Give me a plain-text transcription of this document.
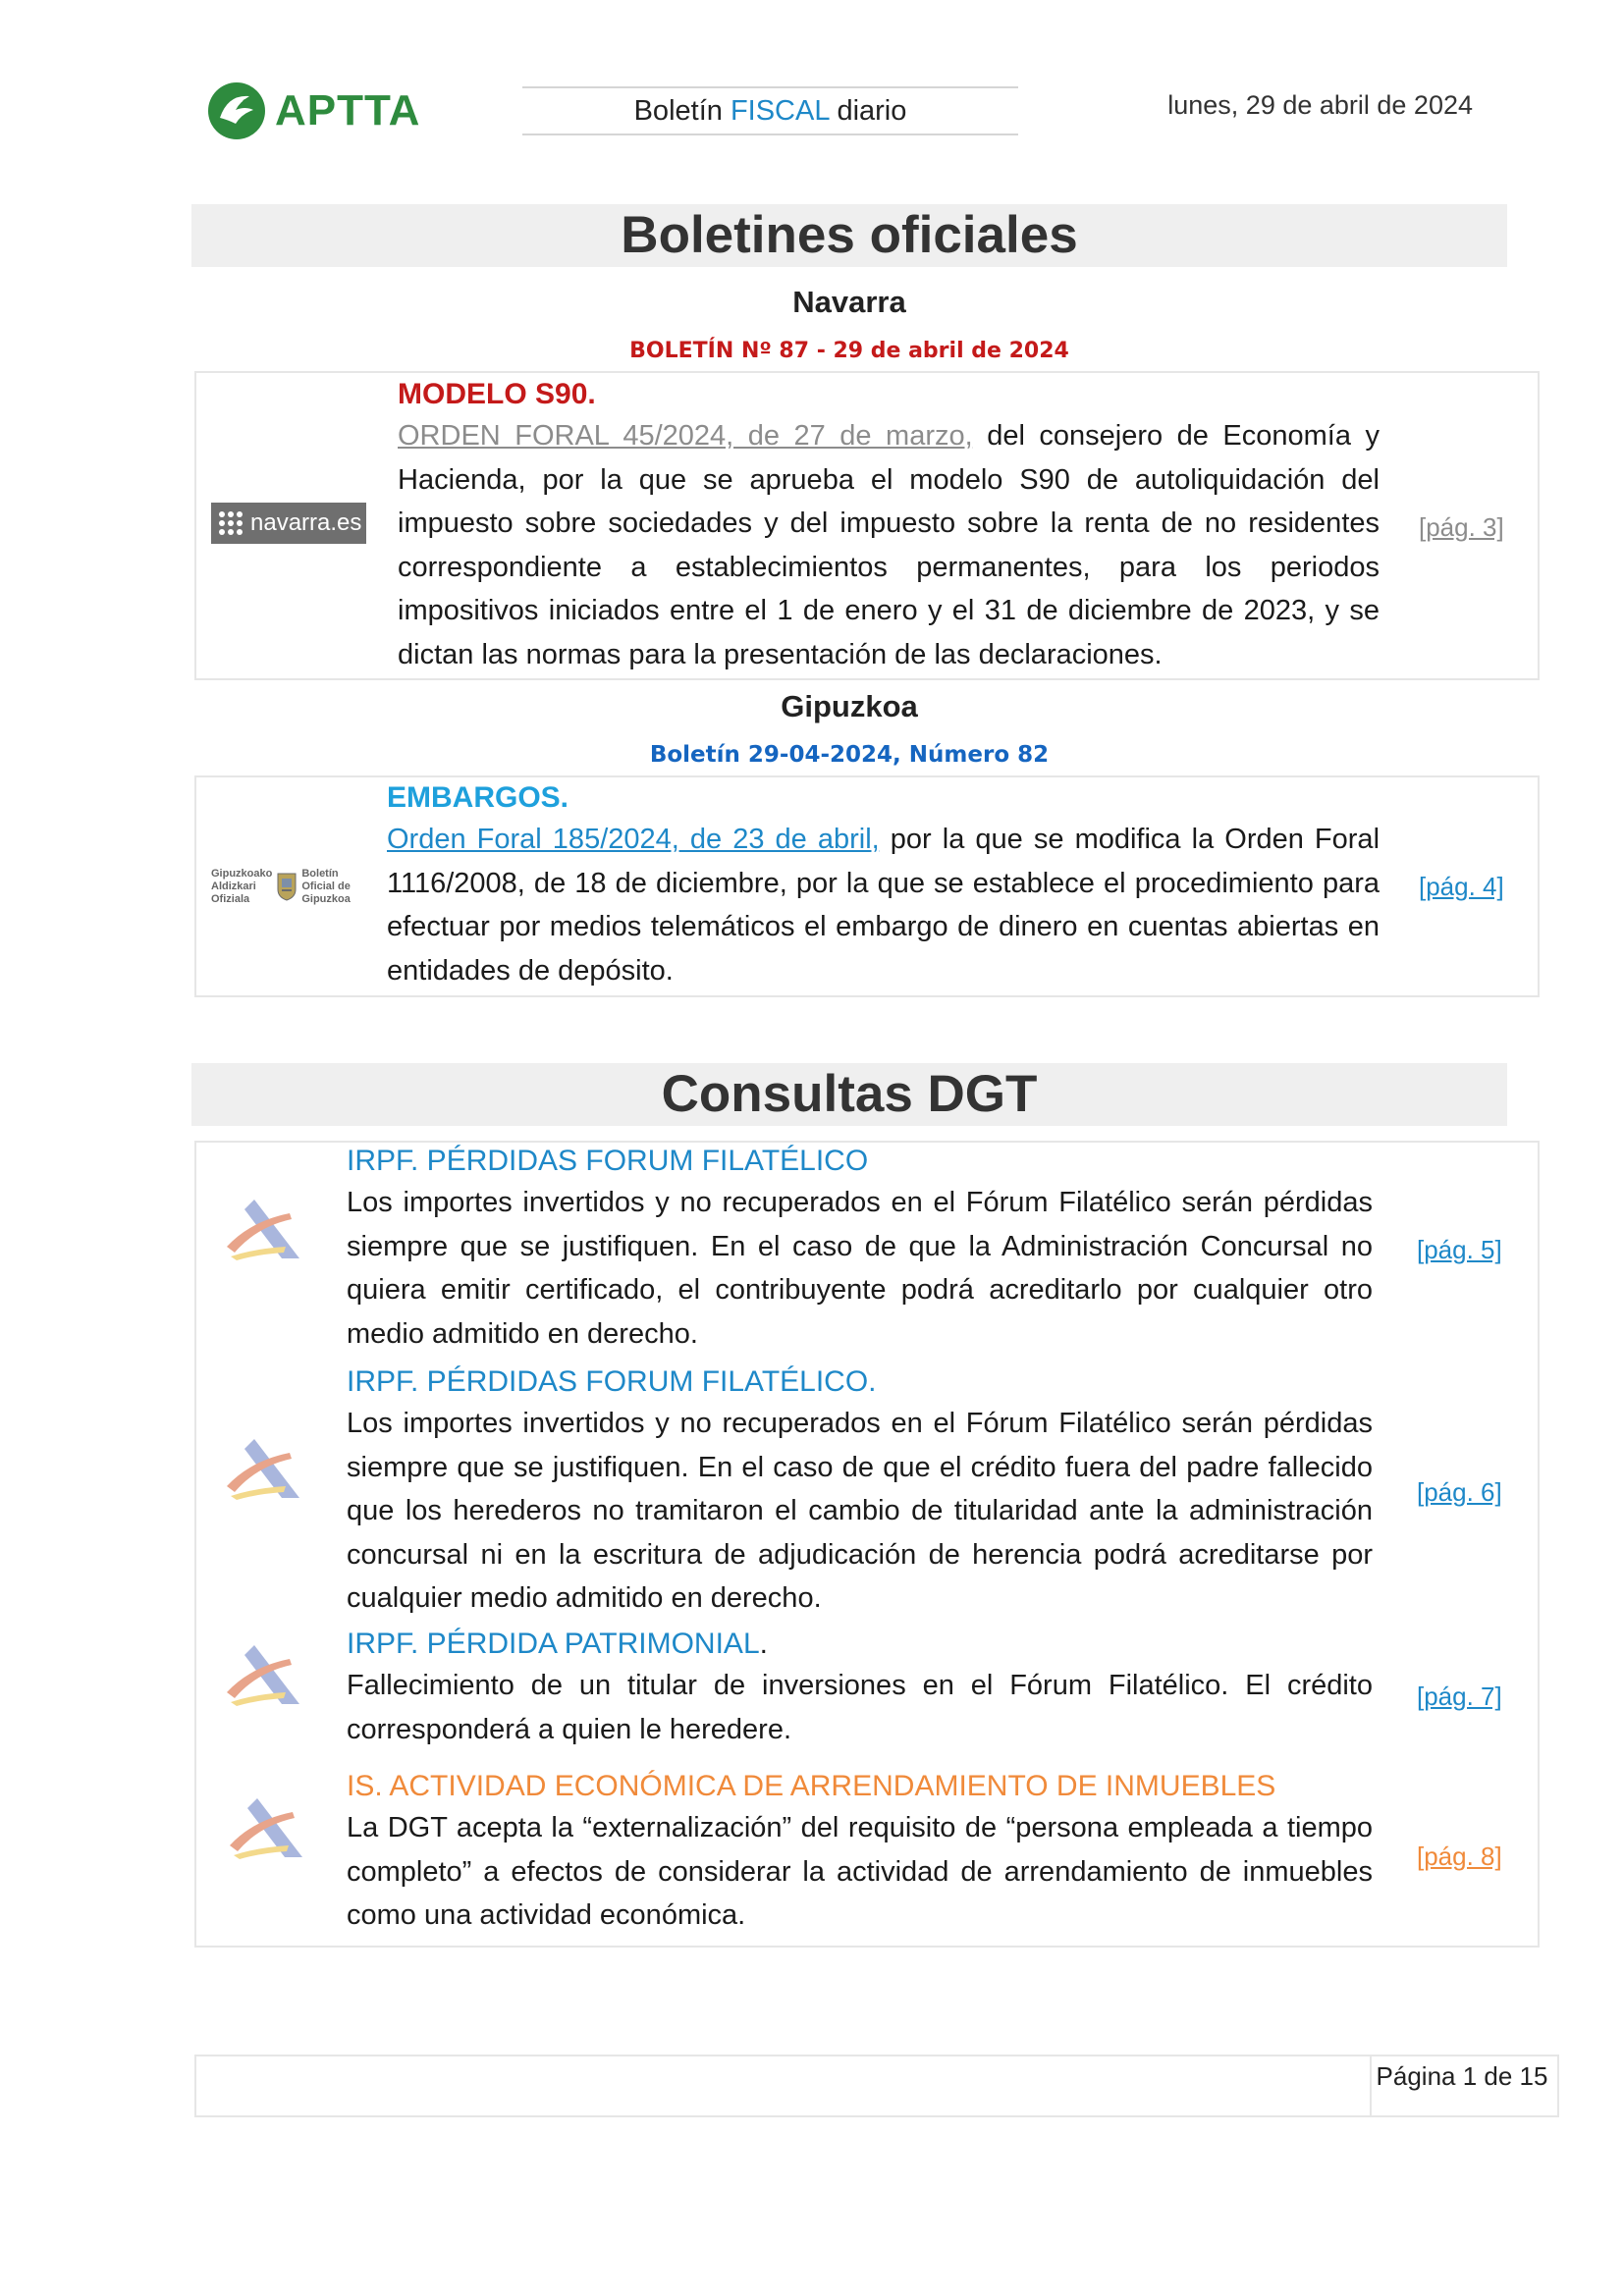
APTTA	Boletín FISCAL diario	lunes, 29 de abril de 2024
Boletines oficiales
Navarra
BOLETÍN Nº 87 - 29 de abril de 2024
navarra.es
MODELO S90.
ORDEN FORAL 45/2024, de 27 de marzo, del consejero de Economía y Hacienda, por la que se aprueba el modelo S90 de autoliquidación del impuesto sobre sociedades y del impuesto sobre la renta de no residentes correspondiente a establecimientos permanentes, para los periodos impositivos iniciados entre el 1 de enero y el 31 de diciembre de 2023, y se dictan las normas para la presentación de las declaraciones.
[pág. 3]
Gipuzkoa
Boletín 29-04-2024, Número 82
Gipuzkoako
Aldizkari
Ofiziala
Boletín
Oficial de
Gipuzkoa
EMBARGOS.
Orden Foral 185/2024, de 23 de abril, por la que se modifica la Orden Foral 1116/2008, de 18 de diciembre, por la que se establece el procedimiento para efectuar por medios telemáticos el embargo de dinero en cuentas abiertas en entidades de depósito.
[pág. 4]
Consultas DGT
IRPF. PÉRDIDAS FORUM FILATÉLICO
Los importes invertidos y no recuperados en el Fórum Filatélico serán pérdidas siempre que se justifiquen. En el caso de que la Administración Concursal no quiera emitir certificado, el contribuyente podrá acreditarlo por cualquier otro medio admitido en derecho.
[pág. 5]
IRPF. PÉRDIDAS FORUM FILATÉLICO.
Los importes invertidos y no recuperados en el Fórum Filatélico serán pérdidas siempre que se justifiquen. En el caso de que el crédito fuera del padre fallecido que los herederos no tramitaron el cambio de titularidad ante la administración concursal ni en la escritura de adjudicación de herencia podrá acreditarse por cualquier medio admitido en derecho.
[pág. 6]
IRPF. PÉRDIDA PATRIMONIAL.
Fallecimiento de un titular de inversiones en el Fórum Filatélico. El crédito corresponderá a quien le heredere.
[pág. 7]
IS. ACTIVIDAD ECONÓMICA DE ARRENDAMIENTO DE INMUEBLES
La DGT acepta la “externalización” del requisito de “persona empleada a tiempo completo” a efectos de considerar la actividad de arrendamiento de inmuebles como una actividad económica.
[pág. 8]
Página 1 de 15
